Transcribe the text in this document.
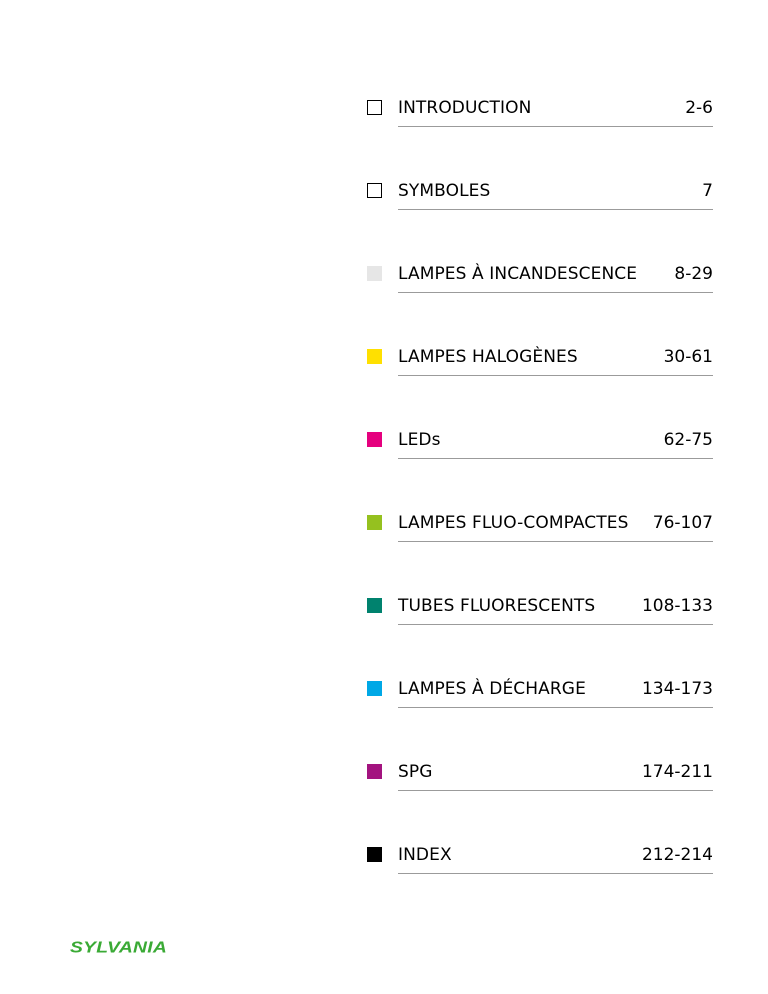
INTRODUCTION	2-6
SYMBOLES	7
LAMPES À INCANDESCENCE 8-29
LAMPES HALOGÈNES	30-61
LEDs	62-75
LAMPES FLUO-COMPACTES 76-107
TUBES FLUORESCENTS	108-133
LAMPES À DÉCHARGE	134-173
SPG	174-211
INDEX	212-214
SYLVANIA
